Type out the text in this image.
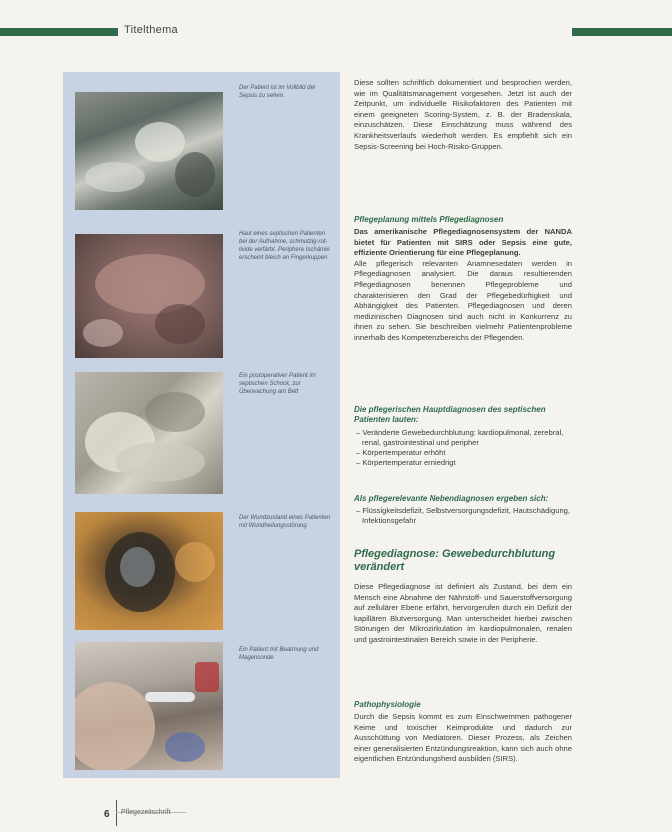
Titelthema
Der Patient ist im Vollbild der Sepsis zu sehen.
Haut eines septischen Patienten bei der Aufnahme, schmutzig-rot-livide verfärbt. Periphere Ischämie erscheint bleich an Fingerkuppen
Ein postoperativer Patient im septischen Schock, zur Überwachung am Bett
Der Wundzustand eines Patienten mit Wundheilungsstörung
Ein Patient mit Beatmung und Magensonde

Diese sollten schriftlich dokumentiert und besprochen werden, wie im Qualitätsmanagement vorgesehen. Jetzt ist auch der Zeitpunkt, um individuelle Risikofaktoren des Patienten mit einem geeigneten Scoring-System, z. B. der Bradenskala, einzuschätzen. Diese Einschätzung muss während des Krankheitsverlaufs wiederholt werden. Es empfiehlt sich ein Sepsis-Screening bei Hoch-Risiko-Gruppen.

Pflegeplanung mittels Pflegediagnosen

Das amerikanische Pflegediagnosensystem der NANDA bietet für Patienten mit SIRS oder Sepsis eine gute, effiziente Orientierung für eine Pflegeplanung.

Alle pflegerisch relevanten Anamnesedaten werden in Pflegediagnosen analysiert. Die daraus resultierenden Pflegediagnosen benennen Pflegeprobleme und charakterisieren den Grad der Pflegebedürftigkeit und Abhängigkeit des Patienten. Pflegediagnosen und deren medizinischen Diagnosen sind auch nicht in Konkurrenz zu ihnen zu sehen. Sie beschreiben vielmehr Patientenprobleme innerhalb des Kompetenzbereichs der Pflegenden.

Die pflegerischen Hauptdiagnosen des septischen Patienten lauten:

– Veränderte Gewebedurchblutung: kardiopulmonal, zerebral, renal, gastrointestinal und peripher

– Körpertemperatur erhöht

– Körpertemperatur erniedrigt

Als pflegerelevante Nebendiagnosen ergeben sich:

– Flüssigkeitsdefizit, Selbstversorgungsdefizit, Hautschädigung, Infektionsgefahr

Pflegediagnose: Gewebedurchblutung verändert

Diese Pflegediagnose ist definiert als Zustand, bei dem ein Mensch eine Abnahme der Nährstoff- und Sauerstoffversorgung auf zellulärer Ebene erfährt, hervorgerufen durch ein Defizit der kapillären Blutversorgung. Man unterscheidet hierbei zwischen Störungen der Mikrozirkulation im kardiopulmonalen, renalen und gastrointestinalen Bereich sowie in der Peripherie.

Pathophysiologie

Durch die Sepsis kommt es zum Einschwemmen pathogener Keime und toxischer Keimprodukte und dadurch zur Ausschüttung von Mediatoren. Dieser Prozess, als Zeichen einer generalisierten Entzündungsreaktion, kann sich auch ohne eigentlichen Entzündungsherd ausbilden (SIRS).

6 Pflegezeitschrift
